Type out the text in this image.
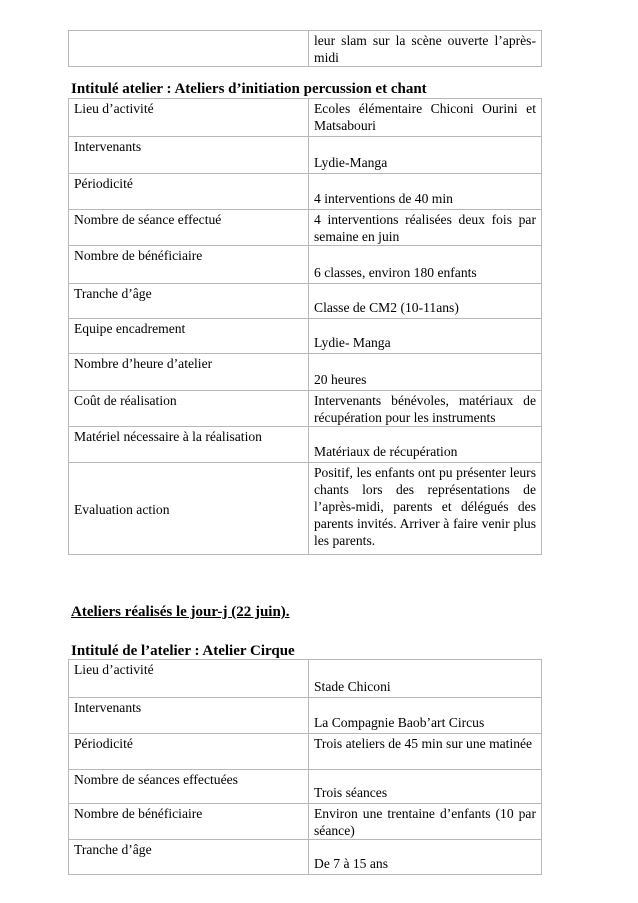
	leur slam sur la scène ouverte l’après-midi
Intitulé atelier : Ateliers d’initiation percussion et chant
Lieu d’activité	Ecoles élémentaire Chiconi Ourini et Matsabouri
Intervenants	Lydie-Manga
Périodicité	4 interventions de 40 min
Nombre de séance effectué	4 interventions réalisées deux fois par semaine en juin
Nombre de bénéficiaire	6 classes, environ 180 enfants
Tranche d’âge	Classe de CM2 (10-11ans)
Equipe encadrement	Lydie- Manga
Nombre d’heure d’atelier	20 heures
Coût de réalisation	Intervenants bénévoles, matériaux de récupération pour les instruments
Matériel nécessaire à la réalisation	Matériaux de récupération
Evaluation action	Positif, les enfants ont pu présenter leurs chants lors des représentations de l’après-midi, parents et délégués des parents invités. Arriver à faire venir plus les parents.
Ateliers réalisés le jour-j (22 juin).
Intitulé de l’atelier : Atelier Cirque
Lieu d’activité	Stade Chiconi
Intervenants	La Compagnie Baob’art Circus
Périodicité	Trois ateliers de 45 min sur une matinée
Nombre de séances effectuées	Trois séances
Nombre de bénéficiaire	Environ une trentaine d’enfants (10 par séance)
Tranche d’âge	De 7 à 15 ans
